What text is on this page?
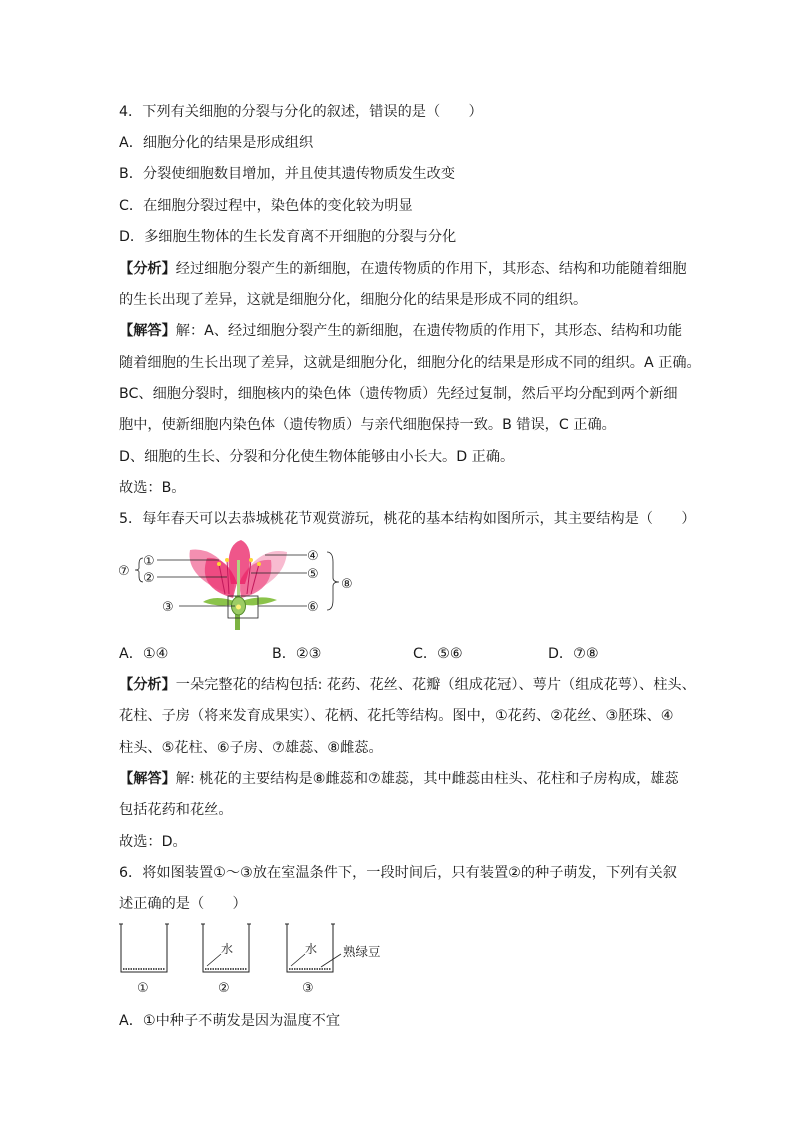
4．下列有关细胞的分裂与分化的叙述，错误的是（　　）
A．细胞分化的结果是形成组织
B．分裂使细胞数目增加，并且使其遗传物质发生改变
C．在细胞分裂过程中，染色体的变化较为明显
D．多细胞生物体的生长发育离不开细胞的分裂与分化
【分析】经过细胞分裂产生的新细胞，在遗传物质的作用下，其形态、结构和功能随着细胞
的生长出现了差异，这就是细胞分化，细胞分化的结果是形成不同的组织。
【解答】解：A、经过细胞分裂产生的新细胞，在遗传物质的作用下，其形态、结构和功能
随着细胞的生长出现了差异，这就是细胞分化，细胞分化的结果是形成不同的组织。A 正确。
BC、细胞分裂时，细胞核内的染色体（遗传物质）先经过复制，然后平均分配到两个新细
胞中，使新细胞内染色体（遗传物质）与亲代细胞保持一致。B 错误，C 正确。
D、细胞的生长、分裂和分化使生物体能够由小长大。D 正确。
故选：B。
5．每年春天可以去恭城桃花节观赏游玩，桃花的基本结构如图所示，其主要结构是（　　）
⑦
①
②
③
④
⑤
⑥
⑧
A．①④	B．②③	C．⑤⑥	D．⑦⑧
【分析】一朵完整花的结构包括: 花药、花丝、花瓣（组成花冠）、萼片（组成花萼）、柱头、
花柱、子房（将来发育成果实）、花柄、花托等结构。图中，①花药、②花丝、③胚珠、④
柱头、⑤花柱、⑥子房、⑦雄蕊、⑧雌蕊。
【解答】解: 桃花的主要结构是⑧雌蕊和⑦雄蕊，其中雌蕊由柱头、花柱和子房构成，雄蕊
包括花药和花丝。
故选：D。
6．将如图装置①～③放在室温条件下，一段时间后，只有装置②的种子萌发，下列有关叙
述正确的是（　　）
水	水 熟绿豆
①	②	③
A．①中种子不萌发是因为温度不宜
